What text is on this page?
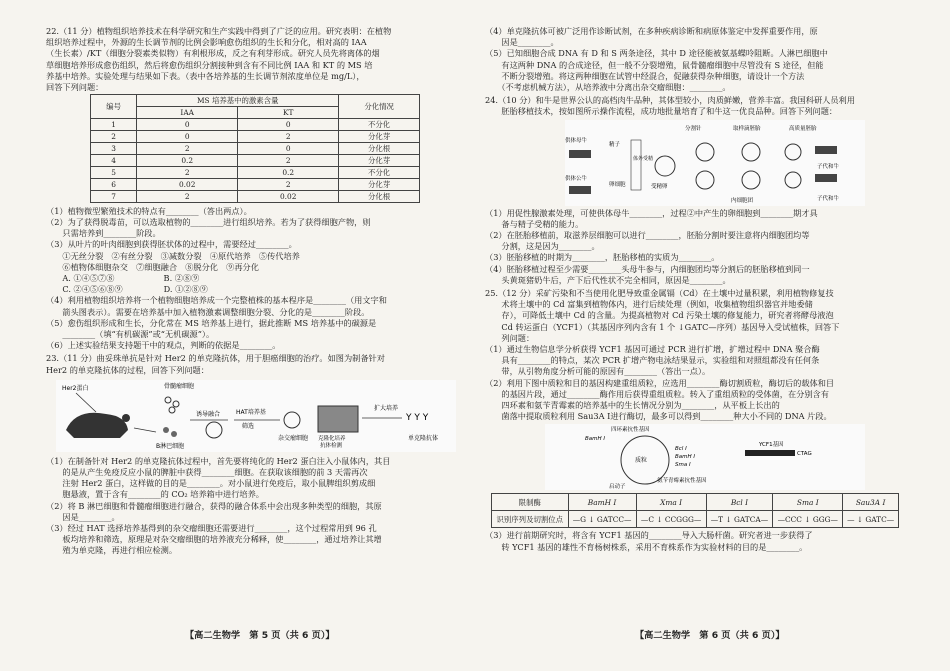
22.（11 分）植物组织培养技术在科学研究和生产实践中得到了广泛的应用。研究表明：在植物

组织培养过程中，外源的生长调节剂的比例会影响愈伤组织的生长和分化，相对高的 IAA

（生长素）/KT（细胞分裂素类似物）有利根形成，反之有利芽形成。研究人员先将离体的烟

草细胞培养形成愈伤组织，然后将愈伤组织分割接种到含有不同比例 IAA 和 KT 的 MS 培

养基中培养。实验处理与结果如下表。（表中各培养基的生长调节剂浓度单位是 mg/L），

回答下列问题：

编号	MS 培养基中的激素含量		分化情况
	IAA	KT	
1	0	0	不分化
2	0	2	分化芽
3	2	0	分化根
4	0.2	2	分化芽
5	2	0.2	不分化
6	0.02	2	分化芽
7	2	0.02	分化根

（1）植物微型繁殖技术的特点有________（答出两点）。

（2）为了获得脱毒苗，可以选取植物的________进行组织培养。若为了获得细胞产物，则

　　只需培养到________阶段。

（3）从叶片的叶肉细胞到获得胚状体的过程中，需要经过________。

　　①无丝分裂　②有丝分裂　③减数分裂　④原代培养　⑤传代培养

　　⑥植物体细胞杂交　⑦细胞融合　⑧脱分化　⑨再分化

　　A. ①④⑤⑦⑧　　　　　　B. ②⑧⑨

　　C. ②④⑤⑥⑧⑨　　　　　D. ①②⑧⑨

（4）利用植物组织培养将一个植物细胞培养成一个完整植株的基本程序是________（用文字和

　　箭头图表示）。需要在培养基中加入植物激素调整细胞分裂、分化的是________阶段。

（5）愈伤组织形成和生长，分化常在 MS 培养基上进行，据此推断 MS 培养基中的碳源是

　　________（填“有机碳源”或“无机碳源”）。

（6）上述实验结果支持题干中的观点，判断的依据是________。

23.（11 分）曲妥珠单抗是针对 Her2 的单克隆抗体，用于胆癌细胞的治疗。如图为制备针对

Her2 的单克隆抗体的过程，回答下列问题：

Her2蛋白	骨髓瘤细胞
B淋巴细胞
诱导融合	HAT培养基
筛选
杂交瘤细胞 克隆化培养
抗体检测
扩大培养
Y Y Y
单克隆抗体

（1）在制备针对 Her2 的单克隆抗体过程中，首先要将纯化的 Her2 蛋白注入小鼠体内，其目

　　的是从产生免疫反应小鼠的脾脏中获得________细胞。在获取该细胞的前 3 天需再次

　　注射 Her2 蛋白，这样做的目的是________。对小鼠进行免疫后，取小鼠脾组织剪成细

　　胞悬液，置于含有________的 CO₂ 培养箱中进行培养。

（2）将 B 淋巴细胞和骨髓瘤细胞进行融合，获得的融合体系中会出现多种类型的细胞，其原

　　因是________。

（3）经过 HAT 选择培养基得到的杂交瘤细胞还需要进行________，这个过程常用到 96 孔

　　板均培养和筛选，原理是对杂交瘤细胞的培养液充分稀释，使________，通过培养让其增

　　殖为单克隆，再进行相应检测。

【高二生物学　第 5 页（共 6 页）】

（4）单克隆抗体可被广泛用作诊断试剂，在多种疾病诊断和病原体鉴定中发挥重要作用，原

　　因是________。

（5）已知细胞合成 DNA 有 D 和 S 两条途径，其中 D 途径能被氨基蝶呤阻断。人淋巴细胞中

　　有这两种 DNA 的合成途径，但一般不分裂增殖，鼠骨髓瘤细胞中尽管没有 S 途径，但能

　　不断分裂增殖。将这两种细胞在试管中经混合，促融获得杂种细胞，请设计一个方法

　　（不考虑机械方法），从培养液中分离出杂交瘤细胞：________。

24.（10 分）和牛是世界公认的高档肉牛品种，其体型较小，肉质鲜嫩，营养丰富。我国科研人员利用

　　胚胎移植技术，按如图所示操作流程，成功地批量培育了和牛这一优良品种。回答下列问题：

供体母牛
供体公牛
精子
卵细胞
体外受精
受精卵
分割针	取样滴胚胎
内细胞团
高质量胚胎
子代和牛
子代和牛

（1）用促性腺激素处理，可使供体母牛________，过程②中产生的卵细胞到________期才具

　　备与精子受精的能力。

（2）在胚胎移植前，取滋养层细胞可以进行________，胚胎分割时要注意将内细胞团均等

　　分割，这是因为________。

（3）胚胎移植的时期为________，胚胎移植的实质为________。

（4）胚胎移植过程至少需要________头母牛参与，内细胞团均等分割后的胚胎移植到同一

　　头黄斑猪奶牛后，产下后代性状不完全相同，原因是________。

25.（12 分）采矿污染和不当使用化肥导致重金属镉（Cd）在土壤中过量积累，利用植物修复技

　　术将土壤中的 Cd 富集到植物体内，进行后续处理（例如，收集植物组织器官并地委储

　　存），可降低土壤中 Cd 的含量。为提高植物对 Cd 污染土壤的修复能力，研究者将酵母液泡

　　Cd 转运蛋白（YCF1）（其基因序列内含有 1 个 ↓GATC—序列）基因导入受试植株，回答下

　　列问题：

（1）通过生物信息学分析获得 YCF1 基因可通过 PCR 进行扩增，扩增过程中 DNA 聚合酶

　　具有________的特点，某次 PCR 扩增产物电泳结果显示，实验组和对照组都没有任何条

　　带，从引物角度分析可能的原因有________（答出一点）。

（2）利用下图中质粒和目的基因构建重组质粒，应选用________酶切割质粒，酶切后的载体和目

　　的基因片段，通过________酶作用后获得重组质粒。转入了重组质粒的受体菌，在分别含有

　　四环素和氨苄青霉素的培养基中的生长情况分别为________，从平板上长出的

　　菌落中提取质粒利用 Sau3A Ⅰ进行酶切，最多可以得到________种大小不同的 DNA 片段。

四环素抗性基因
BamH Ⅰ
质粒
Bcl Ⅰ
BamH Ⅰ
Sma Ⅰ
启动子
氨苄青霉素抗性基因
YCF1基因
CTAG
限制酶	BamH Ⅰ	Xma Ⅰ	Bcl Ⅰ	Sma Ⅰ	Sau3A Ⅰ
识别序列及切割位点	—G ↓ GATCC—	—C ↓ CCGGG—	—T ↓ GATCA—	—CCC ↓ GGG—	— ↓ GATC—

（3）进行前期研究时，将含有 YCF1 基因的________导入大肠杆菌。研究者进一步获得了

　　转 YCF1 基因的雄性不育杨树株系，采用不育株系作为实验材料的目的是________。

【高二生物学　第 6 页（共 6 页）】
